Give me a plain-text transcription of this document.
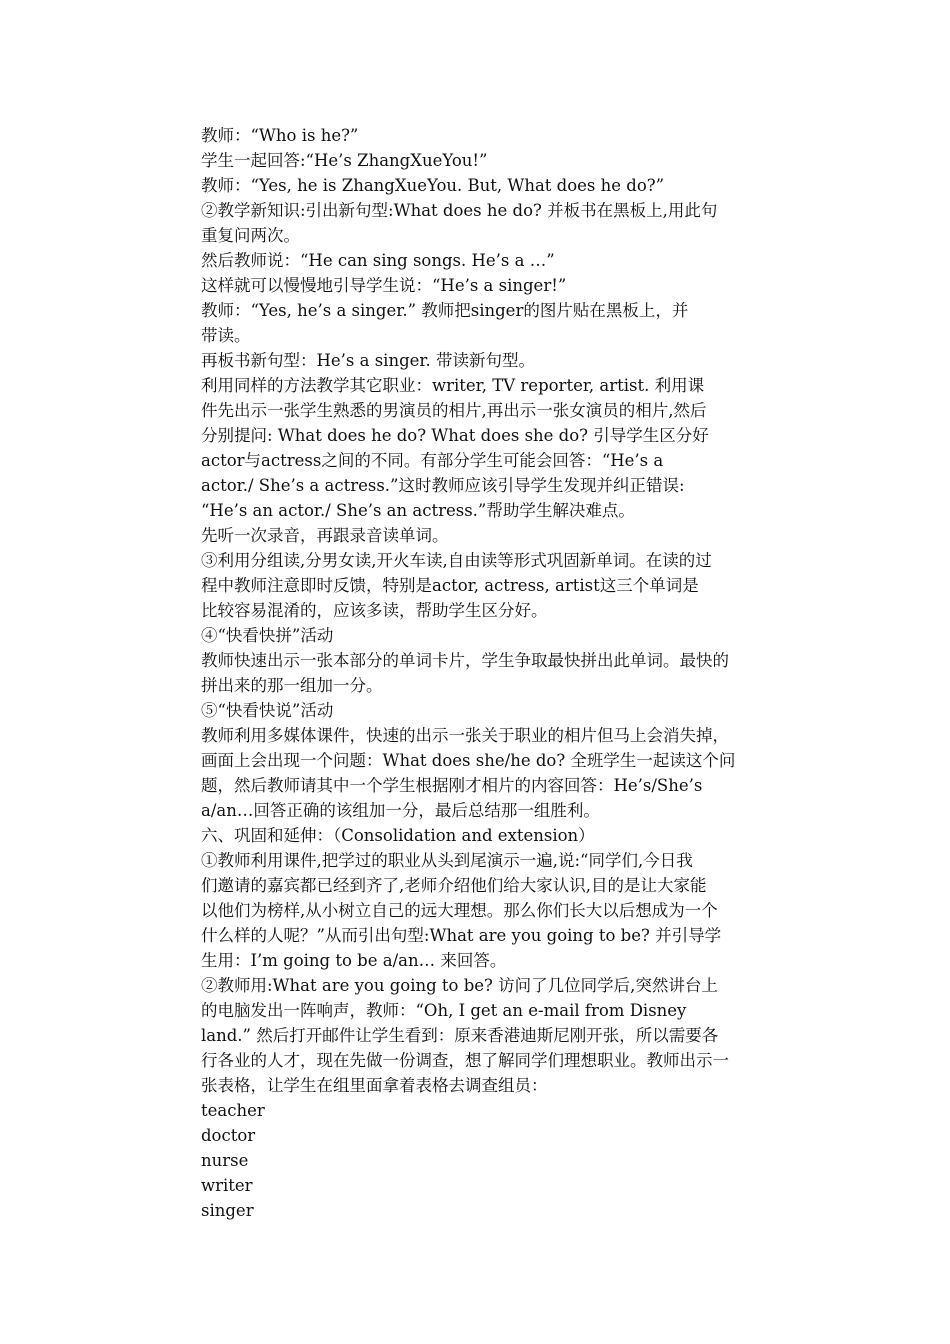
教师：“Who is he?”
学生一起回答:“He’s ZhangXueYou!”
教师：“Yes, he is ZhangXueYou. But, What does he do?”
②教学新知识:引出新句型:What does he do? 并板书在黑板上,用此句
重复问两次。
然后教师说：“He can sing songs. He’s a …”
这样就可以慢慢地引导学生说：“He’s a singer!”
教师：“Yes, he’s a singer.” 教师把singer的图片贴在黑板上，并
带读。
再板书新句型：He’s a singer. 带读新句型。
利用同样的方法教学其它职业：writer, TV reporter, artist. 利用课
件先出示一张学生熟悉的男演员的相片,再出示一张女演员的相片,然后
分别提问: What does he do? What does she do? 引导学生区分好
actor与actress之间的不同。有部分学生可能会回答：“He’s a
actor./ She’s a actress.”这时教师应该引导学生发现并纠正错误:
“He’s an actor./ She’s an actress.”帮助学生解决难点。
先听一次录音，再跟录音读单词。
③利用分组读,分男女读,开火车读,自由读等形式巩固新单词。在读的过
程中教师注意即时反馈，特别是actor, actress, artist这三个单词是
比较容易混淆的，应该多读，帮助学生区分好。
④“快看快拼”活动
教师快速出示一张本部分的单词卡片，学生争取最快拼出此单词。最快的
拼出来的那一组加一分。
⑤“快看快说”活动
教师利用多媒体课件，快速的出示一张关于职业的相片但马上会消失掉，
画面上会出现一个问题：What does she/he do? 全班学生一起读这个问
题，然后教师请其中一个学生根据刚才相片的内容回答：He’s/She’s
a/an…回答正确的该组加一分，最后总结那一组胜利。
六、巩固和延伸：（Consolidation and extension）
①教师利用课件,把学过的职业从头到尾演示一遍,说:“同学们,今日我
们邀请的嘉宾都已经到齐了,老师介绍他们给大家认识,目的是让大家能
以他们为榜样,从小树立自己的远大理想。那么你们长大以后想成为一个
什么样的人呢？”从而引出句型:What are you going to be? 并引导学
生用：I’m going to be a/an… 来回答。
②教师用:What are you going to be? 访问了几位同学后,突然讲台上
的电脑发出一阵响声，教师：“Oh, I get an e-mail from Disney
land.” 然后打开邮件让学生看到：原来香港迪斯尼刚开张，所以需要各
行各业的人才，现在先做一份调查，想了解同学们理想职业。教师出示一
张表格，让学生在组里面拿着表格去调查组员：
teacher
doctor
nurse
writer
singer
